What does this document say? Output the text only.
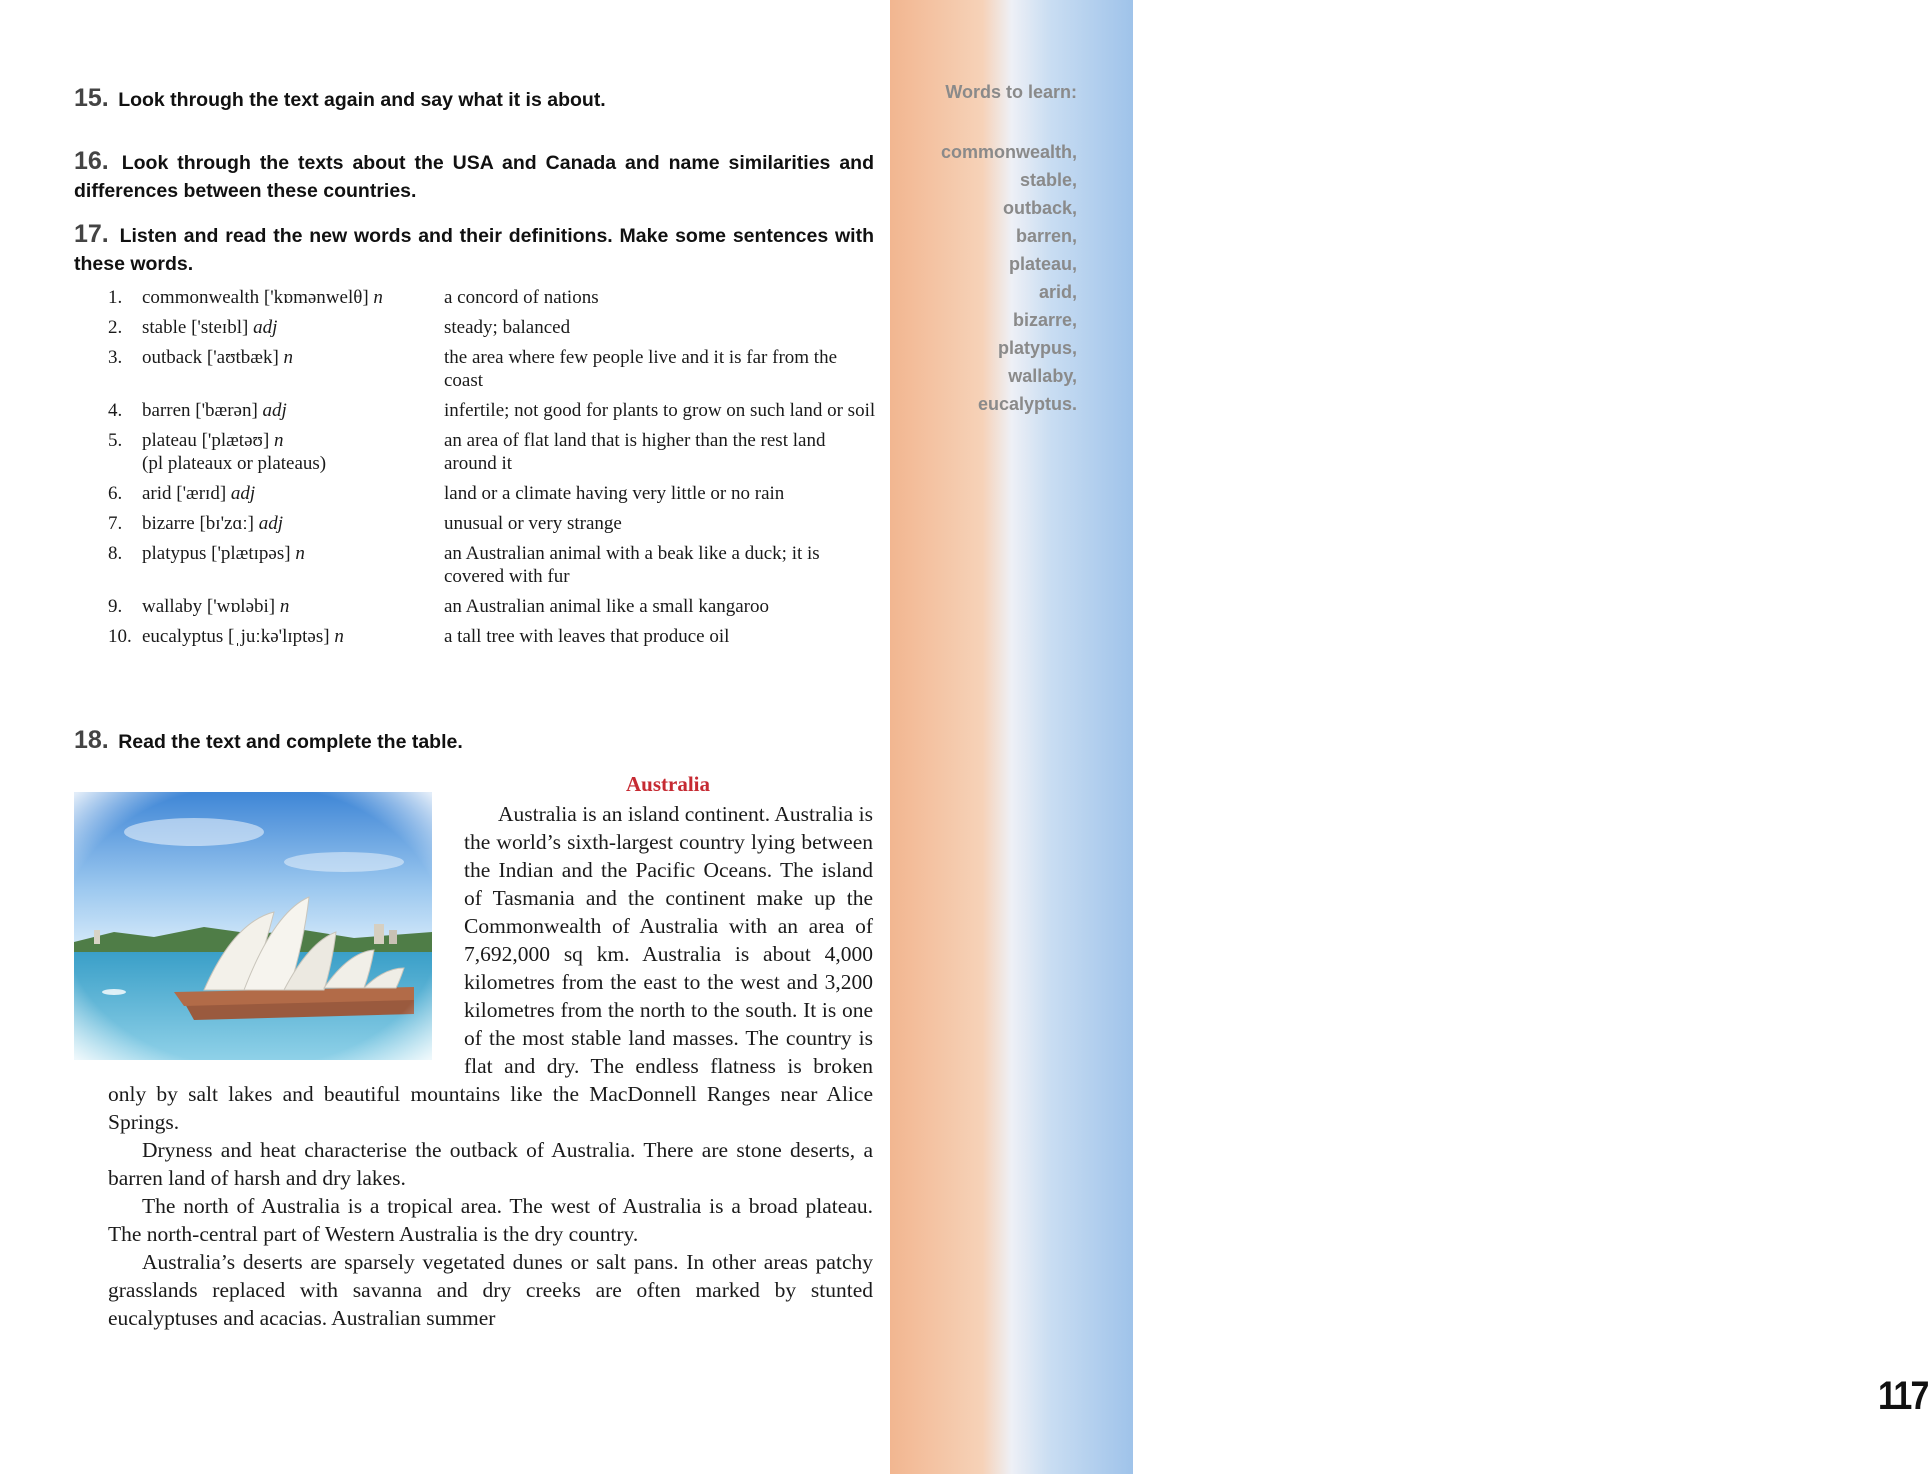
Words to learn:
commonwealth,
stable,
outback,
barren,
plateau,
arid,
bizarre,
platypus,
wallaby,
eucalyptus.
117
15. Look through the text again and say what it is about.
16. Look through the texts about the USA and Canada and name similarities and differences between these countries.
17. Listen and read the new words and their definitions. Make some sentences with these words.
1.	commonwealth ['kɒmənwelθ] n	a concord of nations
2.	stable ['steɪbl] adj	steady; balanced
3.	outback ['aʊtbæk] n	the area where few people live and it is far from the coast
4.	barren ['bærən] adj	infertile; not good for plants to grow on such land or soil
5.	plateau ['plætəʊ] n
(pl plateaux or plateaus)	an area of flat land that is higher than the rest land around it
6.	arid ['ærɪd] adj	land or a climate having very little or no rain
7.	bizarre [bɪ'zɑː] adj	unusual or very strange
8.	platypus ['plætɪpəs] n	an Australian animal with a beak like a duck; it is covered with fur
9.	wallaby ['wɒləbi] n	an Australian animal like a small kangaroo
10.	eucalyptus [ˌjuːkə'lɪptəs] n	a tall tree with leaves that produce oil
18. Read the text and complete the table.
Australia

Australia is an island continent. Australia is the world’s sixth-largest country lying between the Indian and the Pacific Oceans. The island of Tasmania and the continent make up the Commonwealth of Australia with an area of 7,692,000 sq km. Australia is about 4,000 kilometres from the east to the west and 3,200 kilometres from the north to the south. It is one of the most stable land masses. The country is flat and dry. The endless flatness is broken only by salt lakes and beautiful mountains like the MacDonnell Ranges near Alice Springs.

Dryness and heat characterise the outback of Australia. There are stone deserts, a barren land of harsh and dry lakes.

The north of Australia is a tropical area. The west of Australia is a broad plateau. The north-central part of Western Australia is the dry country.

Australia’s deserts are sparsely vegetated dunes or salt pans. In other areas patchy grasslands replaced with savanna and dry creeks are often marked by stunted eucalyptuses and acacias. Australian summer
